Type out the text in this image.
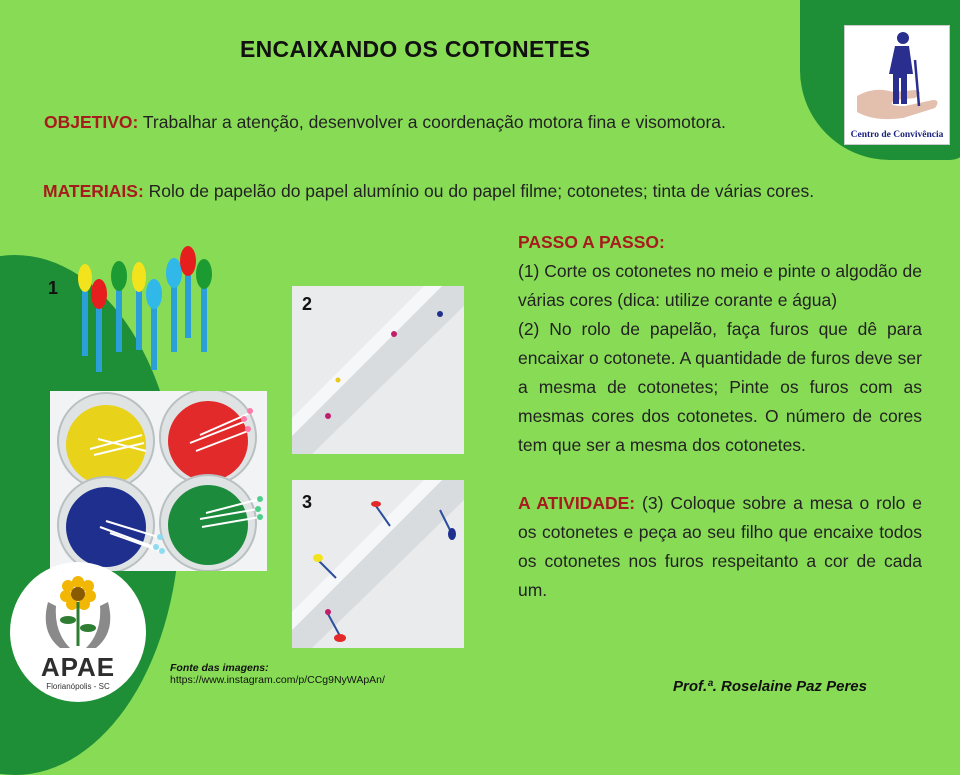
Centro de Convivência
ENCAIXANDO OS COTONETES
OBJETIVO: Trabalhar a atenção, desenvolver a coordenação motora fina e visomotora.
MATERIAIS: Rolo de papelão do papel alumínio ou do papel filme; cotonetes; tinta de várias cores.
PASSO A PASSO:
(1) Corte os cotonetes no meio e pinte o algodão de várias cores (dica: utilize corante e água)
(2) No rolo de papelão, faça furos que dê para encaixar o cotonete. A quantidade de furos deve ser a mesma de cotonetes; Pinte os furos com as mesmas cores dos cotonetes. O número de cores tem que ser a mesma dos cotonetes.
A ATIVIDADE: (3) Coloque sobre a mesa o rolo e os cotonetes e peça ao seu filho que encaixe todos os cotonetes nos furos respeitanto a cor de cada um.
1
2
3
APAE
Florianópolis - SC
Fonte das imagens:
https://www.instagram.com/p/CCg9NyWApAn/	Prof.ª. Roselaine Paz Peres
